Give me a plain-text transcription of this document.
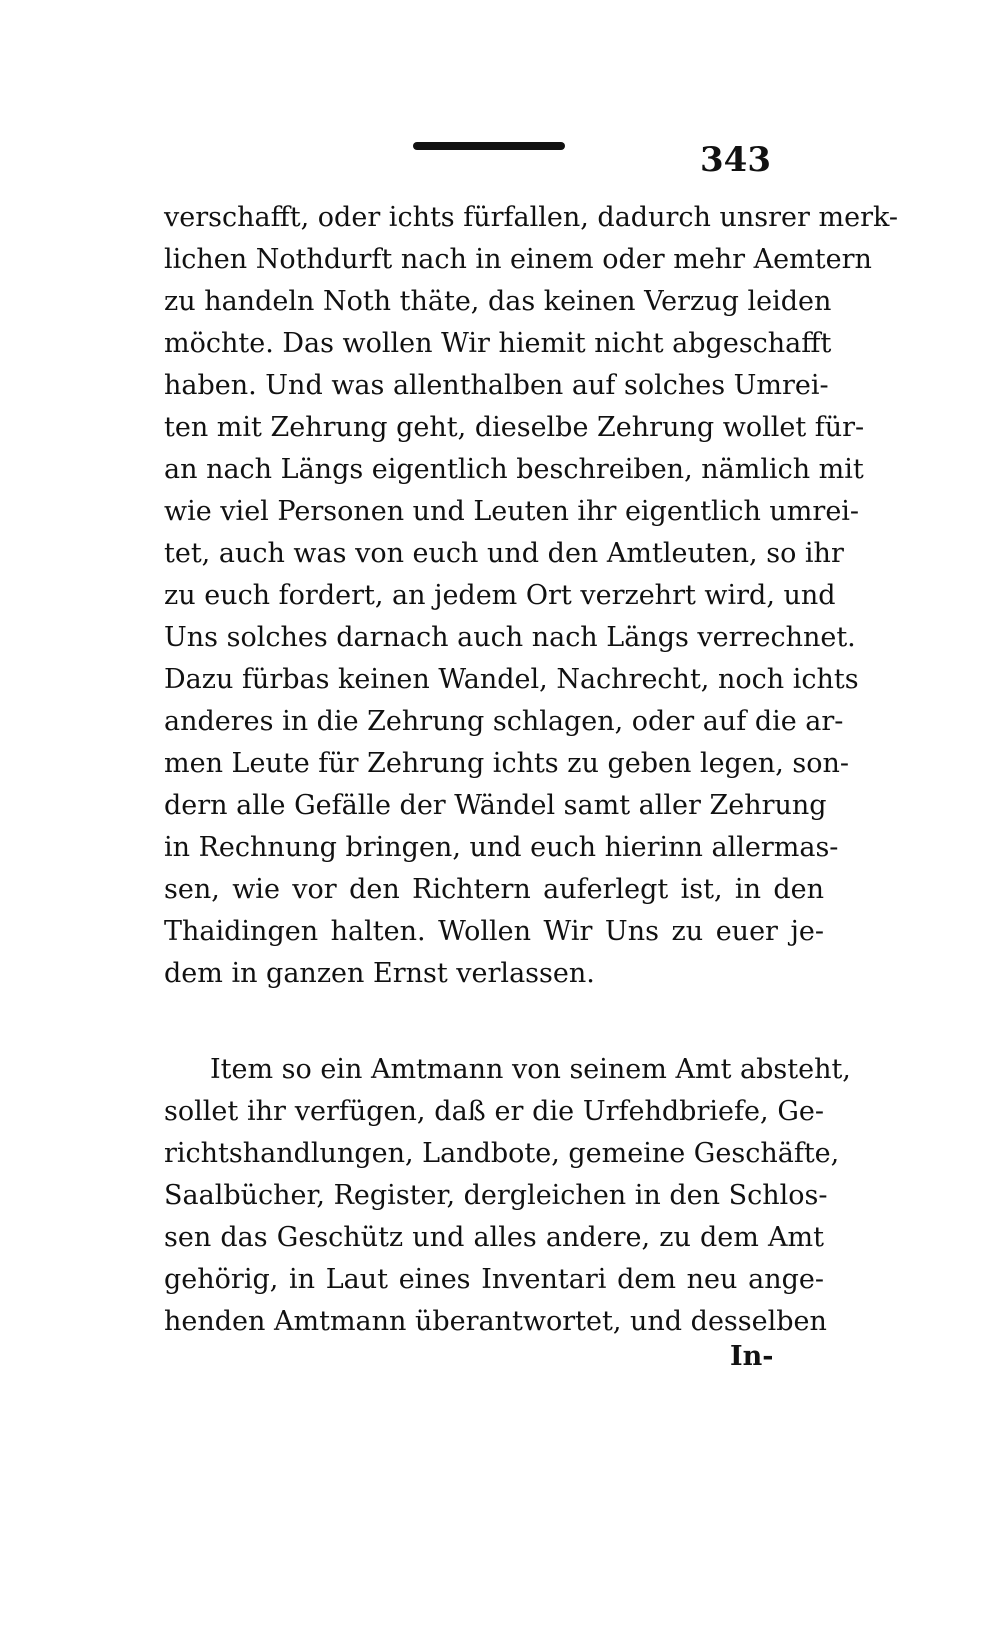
343
verschafft, oder ichts fürfallen, dadurch unsrer merk-
lichen Nothdurft nach in einem oder mehr Aemtern
zu handeln Noth thäte, das keinen Verzug leiden
möchte. Das wollen Wir hiemit nicht abgeschafft
haben. Und was allenthalben auf solches Umrei-
ten mit Zehrung geht, dieselbe Zehrung wollet für-
an nach Längs eigentlich beschreiben, nämlich mit
wie viel Personen und Leuten ihr eigentlich umrei-
tet, auch was von euch und den Amtleuten, so ihr
zu euch fordert, an jedem Ort verzehrt wird, und
Uns solches darnach auch nach Längs verrechnet.
Dazu fürbas keinen Wandel, Nachrecht, noch ichts
anderes in die Zehrung schlagen, oder auf die ar-
men Leute für Zehrung ichts zu geben legen, son-
dern alle Gefälle der Wändel samt aller Zehrung
in Rechnung bringen, und euch hierinn allermas-
sen, wie vor den Richtern auferlegt ist, in den
Thaidingen halten. Wollen Wir Uns zu euer je-
dem in ganzen Ernst verlassen.
Item so ein Amtmann von seinem Amt absteht,
sollet ihr verfügen, daß er die Urfehdbriefe, Ge-
richtshandlungen, Landbote, gemeine Geschäfte,
Saalbücher, Register, dergleichen in den Schlos-
sen das Geschütz und alles andere, zu dem Amt
gehörig, in Laut eines Inventari dem neu ange-
henden Amtmann überantwortet, und desselben
In-
